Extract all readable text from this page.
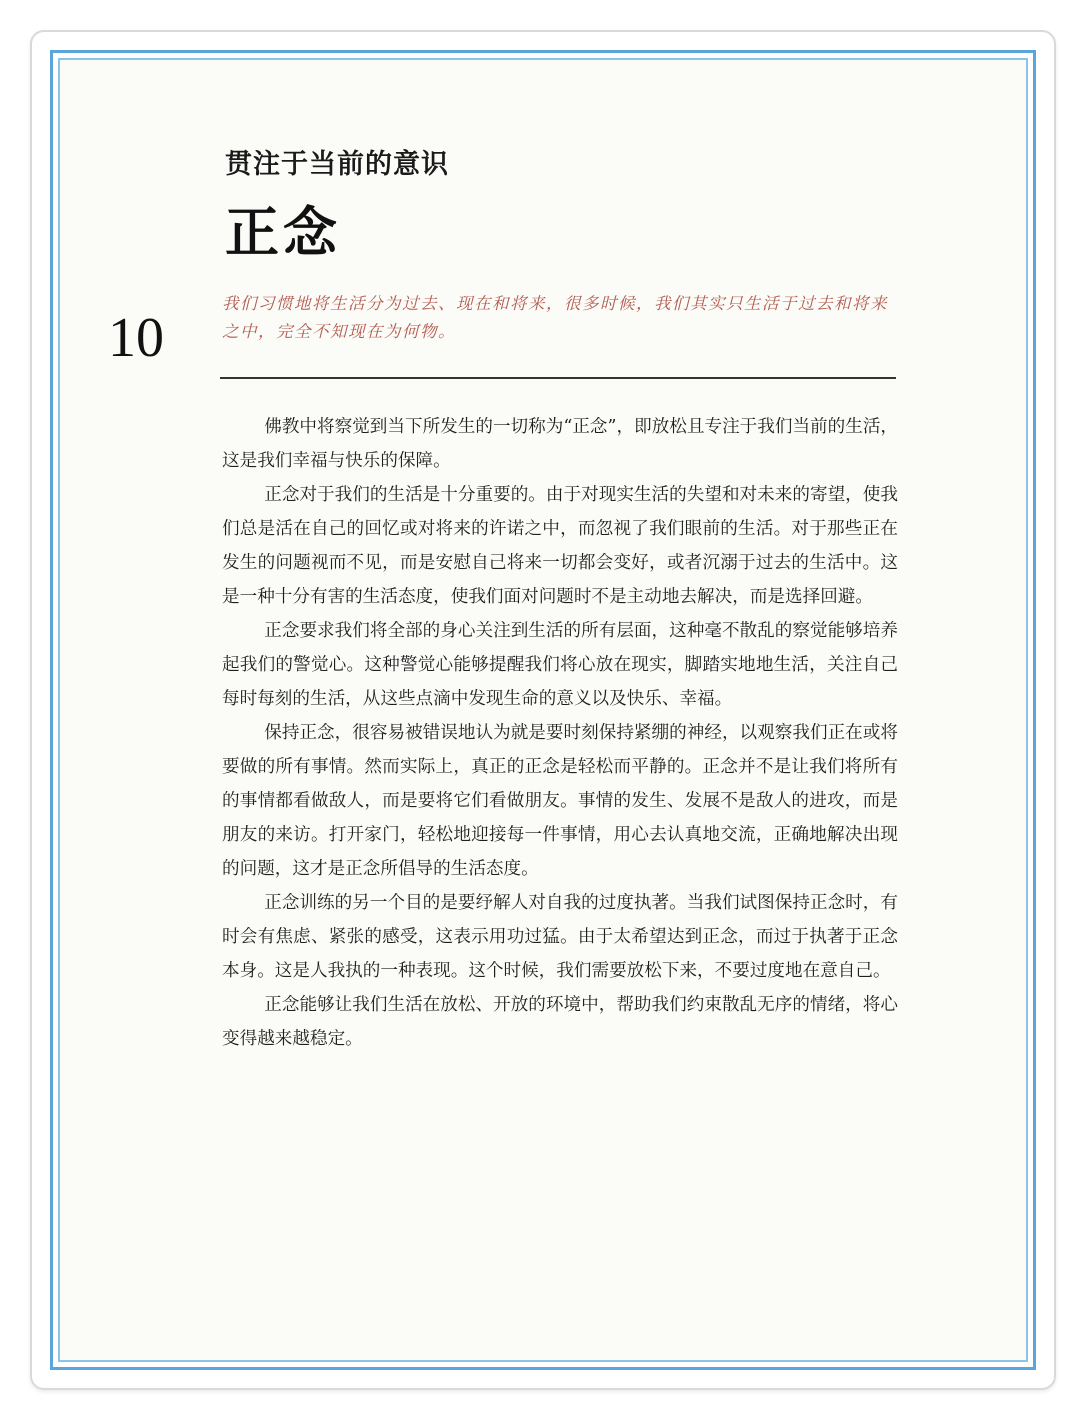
贯注于当前的意识
正念
10

我们习惯地将生活分为过去、现在和将来，很多时候，我们其实只生活于过去和将来之中，完全不知现在为何物。

佛教中将察觉到当下所发生的一切称为“正念”，即放松且专注于我们当前的生活，这是我们幸福与快乐的保障。

正念对于我们的生活是十分重要的。由于对现实生活的失望和对未来的寄望，使我们总是活在自己的回忆或对将来的许诺之中，而忽视了我们眼前的生活。对于那些正在发生的问题视而不见，而是安慰自己将来一切都会变好，或者沉溺于过去的生活中。这是一种十分有害的生活态度，使我们面对问题时不是主动地去解决，而是选择回避。

正念要求我们将全部的身心关注到生活的所有层面，这种毫不散乱的察觉能够培养起我们的警觉心。这种警觉心能够提醒我们将心放在现实，脚踏实地地生活，关注自己每时每刻的生活，从这些点滴中发现生命的意义以及快乐、幸福。

保持正念，很容易被错误地认为就是要时刻保持紧绷的神经，以观察我们正在或将要做的所有事情。然而实际上，真正的正念是轻松而平静的。正念并不是让我们将所有的事情都看做敌人，而是要将它们看做朋友。事情的发生、发展不是敌人的进攻，而是朋友的来访。打开家门，轻松地迎接每一件事情，用心去认真地交流，正确地解决出现的问题，这才是正念所倡导的生活态度。

正念训练的另一个目的是要纾解人对自我的过度执著。当我们试图保持正念时，有时会有焦虑、紧张的感受，这表示用功过猛。由于太希望达到正念，而过于执著于正念本身。这是人我执的一种表现。这个时候，我们需要放松下来，不要过度地在意自己。

正念能够让我们生活在放松、开放的环境中，帮助我们约束散乱无序的情绪，将心变得越来越稳定。
